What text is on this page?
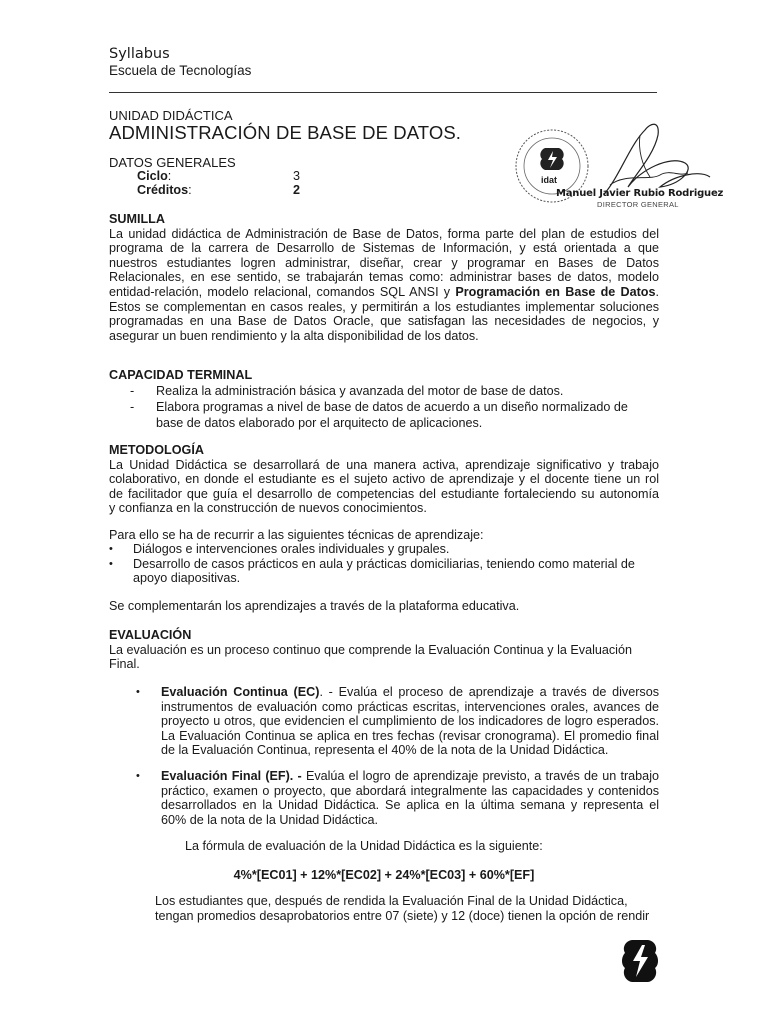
Syllabus
Escuela de Tecnologías
UNIDAD DIDÁCTICA
ADMINISTRACIÓN DE BASE DE DATOS.
DATOS GENERALES
Ciclo:	3
Créditos:	2
idat
Manuel Javier Rubio Rodriguez
DIRECTOR GENERAL
SUMILLA
La unidad didáctica de Administración de Base de Datos, forma parte del plan de estudios del
programa de la carrera de Desarrollo de Sistemas de Información, y está orientada a que
nuestros estudiantes logren administrar, diseñar, crear y programar en Bases de Datos
Relacionales, en ese sentido, se trabajarán temas como: administrar bases de datos, modelo
entidad-relación, modelo relacional, comandos SQL ANSI y Programación en Base de Datos.
Estos se complementan en casos reales, y permitirán a los estudiantes implementar soluciones
programadas en una Base de Datos Oracle, que satisfagan las necesidades de negocios, y
asegurar un buen rendimiento y la alta disponibilidad de los datos.
CAPACIDAD TERMINAL
- Realiza la administración básica y avanzada del motor de base de datos.
- Elabora programas a nivel de base de datos de acuerdo a un diseño normalizado de
base de datos elaborado por el arquitecto de aplicaciones.
METODOLOGÍA
La Unidad Didáctica se desarrollará de una manera activa, aprendizaje significativo y trabajo
colaborativo, en donde el estudiante es el sujeto activo de aprendizaje y el docente tiene un rol
de facilitador que guía el desarrollo de competencias del estudiante fortaleciendo su autonomía
y confianza en la construcción de nuevos conocimientos.
Para ello se ha de recurrir a las siguientes técnicas de aprendizaje:
• Diálogos e intervenciones orales individuales y grupales.
• Desarrollo de casos prácticos en aula y prácticas domiciliarias, teniendo como material de
apoyo diapositivas.
Se complementarán los aprendizajes a través de la plataforma educativa.
EVALUACIÓN
La evaluación es un proceso continuo que comprende la Evaluación Continua y la Evaluación
Final.
• Evaluación Continua (EC). - Evalúa el proceso de aprendizaje a través de diversos
instrumentos de evaluación como prácticas escritas, intervenciones orales, avances de
proyecto u otros, que evidencien el cumplimiento de los indicadores de logro esperados.
La Evaluación Continua se aplica en tres fechas (revisar cronograma). El promedio final
de la Evaluación Continua, representa el 40% de la nota de la Unidad Didáctica.
• Evaluación Final (EF). - Evalúa el logro de aprendizaje previsto, a través de un trabajo
práctico, examen o proyecto, que abordará integralmente las capacidades y contenidos
desarrollados en la Unidad Didáctica. Se aplica en la última semana y representa el
60% de la nota de la Unidad Didáctica.
La fórmula de evaluación de la Unidad Didáctica es la siguiente:
4%*[EC01] + 12%*[EC02] + 24%*[EC03] + 60%*[EF]
Los estudiantes que, después de rendida la Evaluación Final de la Unidad Didáctica,
tengan promedios desaprobatorios entre 07 (siete) y 12 (doce) tienen la opción de rendir
